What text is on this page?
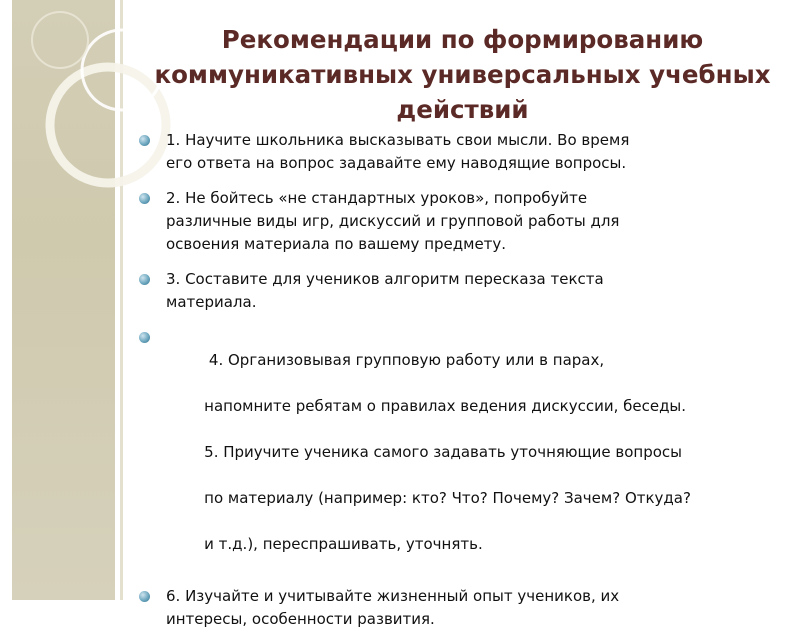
Рекомендации по формированию
коммуникативных универсальных учебных
действий
1. Научите школьника высказывать свои мысли. Во время
его ответа на вопрос задавайте ему наводящие вопросы.
2. Не бойтесь «не стандартных уроков», попробуйте
различные виды игр, дискуссий и групповой работы для
освоения материала по вашему предмету.
3. Составите для учеников алгоритм пересказа текста
материала.

4. Организовывая групповую работу или в парах,

напомните ребятам о правилах ведения дискуссии, беседы.

5. Приучите ученика самого задавать уточняющие вопросы

по материалу (например: кто? Что? Почему? Зачем? Откуда?

и т.д.), переспрашивать, уточнять.

6. Изучайте и учитывайте жизненный опыт учеников, их
интересы, особенности развития.
